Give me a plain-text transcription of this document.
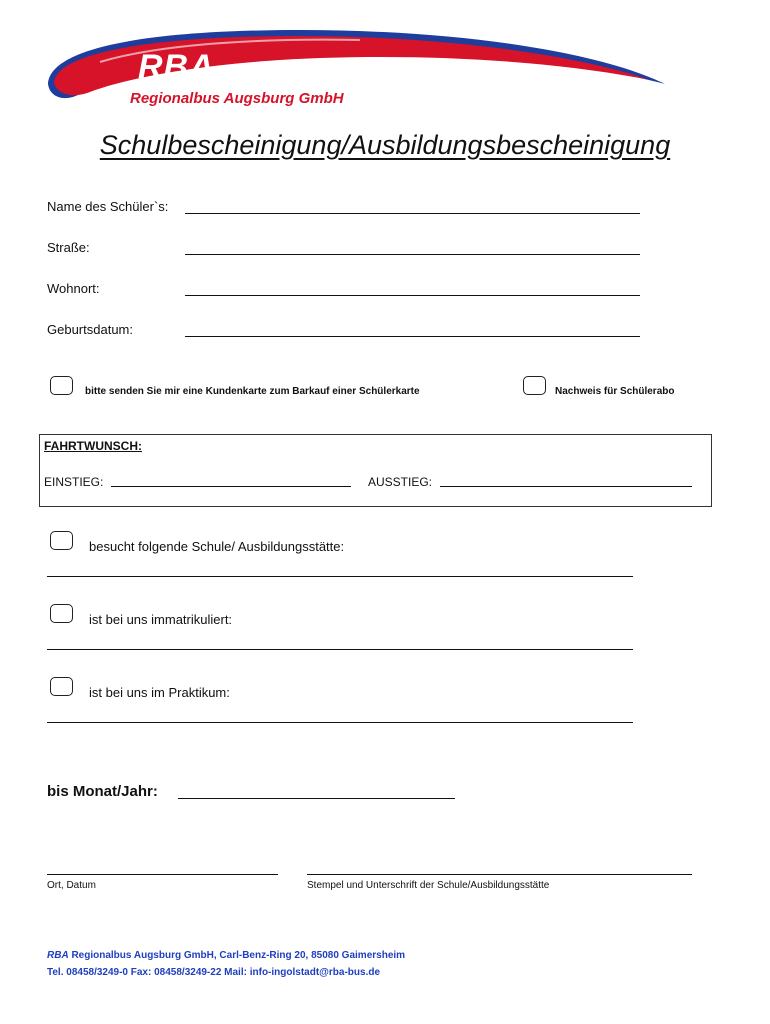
RBA
Regionalbus Augsburg GmbH
Schulbescheinigung/Ausbildungsbescheinigung
Name des Schüler`s:
Straße:
Wohnort:
Geburtsdatum:
bitte senden Sie mir eine Kundenkarte zum Barkauf einer Schülerkarte	Nachweis für Schülerabo
FAHRTWUNSCH:
EINSTIEG:	AUSSTIEG:
besucht folgende Schule/ Ausbildungsstätte:
ist bei uns immatrikuliert:
ist bei uns im Praktikum:
bis Monat/Jahr:
Ort, Datum	Stempel und Unterschrift der Schule/Ausbildungsstätte
RBA Regionalbus Augsburg GmbH, Carl-Benz-Ring 20, 85080 Gaimersheim
Tel. 08458/3249-0 Fax: 08458/3249-22 Mail: info-ingolstadt@rba-bus.de
